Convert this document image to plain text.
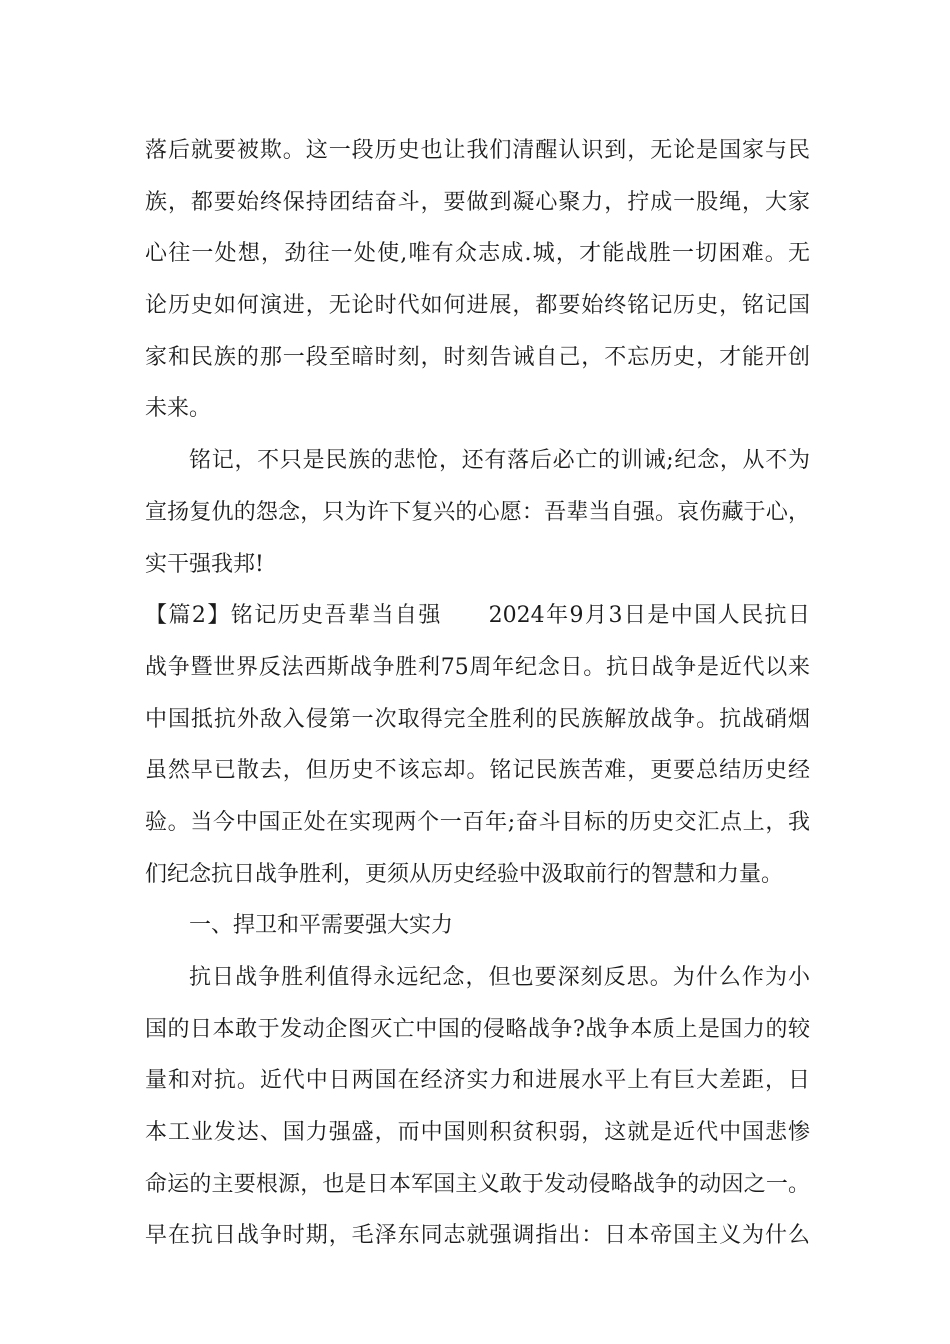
落后就要被欺。这一段历史也让我们清醒认识到，无论是国家与民
族，都要始终保持团结奋斗，要做到凝心聚力，拧成一股绳，大家
心往一处想，劲往一处使,唯有众志成.城，才能战胜一切困难。无
论历史如何演进，无论时代如何进展，都要始终铭记历史，铭记国
家和民族的那一段至暗时刻，时刻告诫自己，不忘历史，才能开创
未来。
铭记，不只是民族的悲怆，还有落后必亡的训诫;纪念，从不为
宣扬复仇的怨念，只为许下复兴的心愿：吾辈当自强。哀伤藏于心，
实干强我邦!
【篇2】铭记历史吾辈当自强　　2024年9月3日是中国人民抗日
战争暨世界反法西斯战争胜利75周年纪念日。抗日战争是近代以来
中国抵抗外敌入侵第一次取得完全胜利的民族解放战争。抗战硝烟
虽然早已散去，但历史不该忘却。铭记民族苦难，更要总结历史经
验。当今中国正处在实现两个一百年;奋斗目标的历史交汇点上，我
们纪念抗日战争胜利，更须从历史经验中汲取前行的智慧和力量。
一、捍卫和平需要强大实力
抗日战争胜利值得永远纪念，但也要深刻反思。为什么作为小
国的日本敢于发动企图灭亡中国的侵略战争?战争本质上是国力的较
量和对抗。近代中日两国在经济实力和进展水平上有巨大差距，日
本工业发达、国力强盛，而中国则积贫积弱，这就是近代中国悲惨
命运的主要根源，也是日本军国主义敢于发动侵略战争的动因之一。
早在抗日战争时期，毛泽东同志就强调指出：日本帝国主义为什么
